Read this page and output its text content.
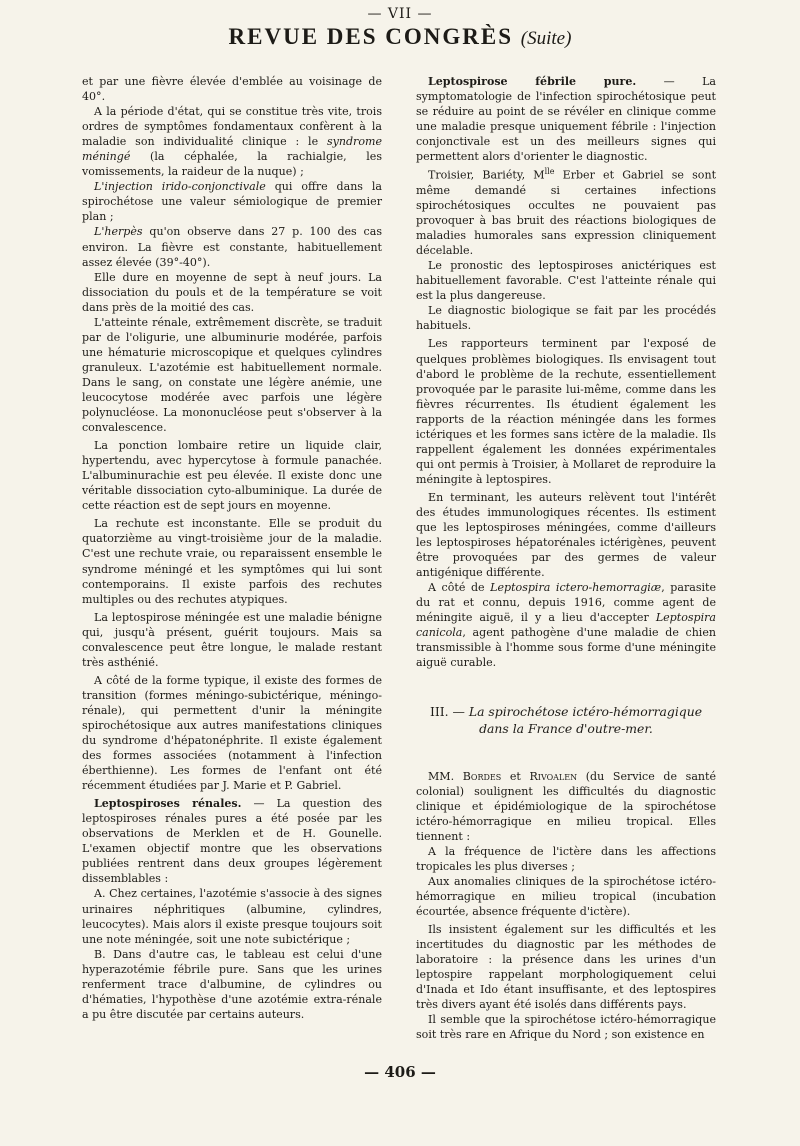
— VII —
REVUE DES CONGRÈS (Suite)

et par une fièvre élevée d'emblée au voisinage de 40°.

A la période d'état, qui se constitue très vite, trois ordres de symptômes fondamentaux confèrent à la maladie son individualité clinique : le syndrome méningé (la céphalée, la rachialgie, les vomissements, la raideur de la nuque) ;

L'injection irido-conjonctivale qui offre dans la spirochétose une valeur sémiologique de premier plan ;

L'herpès qu'on observe dans 27 p. 100 des cas environ. La fièvre est constante, habituellement assez élevée (39°-40°).

Elle dure en moyenne de sept à neuf jours. La dissociation du pouls et de la température se voit dans près de la moitié des cas.

L'atteinte rénale, extrêmement discrète, se traduit par de l'oligurie, une albuminurie modérée, parfois une hématurie microscopique et quelques cylindres granuleux. L'azotémie est habituellement normale. Dans le sang, on constate une légère anémie, une leucocytose modérée avec parfois une légère polynucléose. La mononucléose peut s'observer à la convalescence.

La ponction lombaire retire un liquide clair, hypertendu, avec hypercytose à formule panachée. L'albuminurachie est peu élevée. Il existe donc une véritable dissociation cyto-albuminique. La durée de cette réaction est de sept jours en moyenne.

La rechute est inconstante. Elle se produit du quatorzième au vingt-troisième jour de la maladie. C'est une rechute vraie, ou reparaissent ensemble le syndrome méningé et les symptômes qui lui sont contemporains. Il existe parfois des rechutes multiples ou des rechutes atypiques.

La leptospirose méningée est une maladie bénigne qui, jusqu'à présent, guérit toujours. Mais sa convalescence peut être longue, le malade restant très asthénié.

A côté de la forme typique, il existe des formes de transition (formes méningo-subictérique, méningo-rénale), qui permettent d'unir la méningite spirochétosique aux autres manifestations cliniques du syndrome d'hépatonéphrite. Il existe également des formes associées (notamment à l'infection éberthienne). Les formes de l'enfant ont été récemment étudiées par J. Marie et P. Gabriel.

Leptospiroses rénales. — La question des leptospiroses rénales pures a été posée par les observations de Merklen et de H. Gounelle. L'examen objectif montre que les observations publiées rentrent dans deux groupes légèrement dissemblables :

A. Chez certaines, l'azotémie s'associe à des signes urinaires néphritiques (albumine, cylindres, leucocytes). Mais alors il existe presque toujours soit une note méningée, soit une note subictérique ;

B. Dans d'autre cas, le tableau est celui d'une hyperazotémie fébrile pure. Sans que les urines renferment trace d'albumine, de cylindres ou d'hématies, l'hypothèse d'une azotémie extra-rénale a pu être discutée par certains auteurs.

Leptospirose fébrile pure. — La symptomatologie de l'infection spirochétosique peut se réduire au point de se révéler en clinique comme une maladie presque uniquement fébrile : l'injection conjonctivale est un des meilleurs signes qui permettent alors d'orienter le diagnostic.

Troisier, Bariéty, $M^{lle}$ Erber et Gabriel se sont même demandé si certaines infections spirochétosiques occultes ne pouvaient pas provoquer à bas bruit des réactions biologiques de maladies humorales sans expression cliniquement décelable.

Le pronostic des leptospiroses anictériques est habituellement favorable. C'est l'atteinte rénale qui est la plus dangereuse.

Le diagnostic biologique se fait par les procédés habituels.

Les rapporteurs terminent par l'exposé de quelques problèmes biologiques. Ils envisagent tout d'abord le problème de la rechute, essentiellement provoquée par le parasite lui-même, comme dans les fièvres récurrentes. Ils étudient également les rapports de la réaction méningée dans les formes ictériques et les formes sans ictère de la maladie. Ils rappellent également les données expérimentales qui ont permis à Troisier, à Mollaret de reproduire la méningite à leptospires.

En terminant, les auteurs relèvent tout l'intérêt des études immunologiques récentes. Ils estiment que les leptospiroses méningées, comme d'ailleurs les leptospiroses hépatorénales ictérigènes, peuvent être provoquées par des germes de valeur antigénique différente.

A côté de Leptospira ictero-hemorragiæ, parasite du rat et connu, depuis 1916, comme agent de méningite aiguë, il y a lieu d'accepter Leptospira canicola, agent pathogène d'une maladie de chien transmissible à l'homme sous forme d'une méningite aiguë curable.

III. — La spirochétose ictéro-hémorragique dans la France d'outre-mer.

MM. Bordes et Rivoalen (du Service de santé colonial) soulignent les difficultés du diagnostic clinique et épidémiologique de la spirochétose ictéro-hémorragique en milieu tropical. Elles tiennent :

A la fréquence de l'ictère dans les affections tropicales les plus diverses ;

Aux anomalies cliniques de la spirochétose ictéro-hémorragique en milieu tropical (incubation écourtée, absence fréquente d'ictère).

Ils insistent également sur les difficultés et les incertitudes du diagnostic par les méthodes de laboratoire : la présence dans les urines d'un leptospire rappelant morphologiquement celui d'Inada et Ido étant insuffisante, et des leptospires très divers ayant été isolés dans différents pays.

Il semble que la spirochétose ictéro-hémorragique soit très rare en Afrique du Nord ; son existence en

— 406 —
